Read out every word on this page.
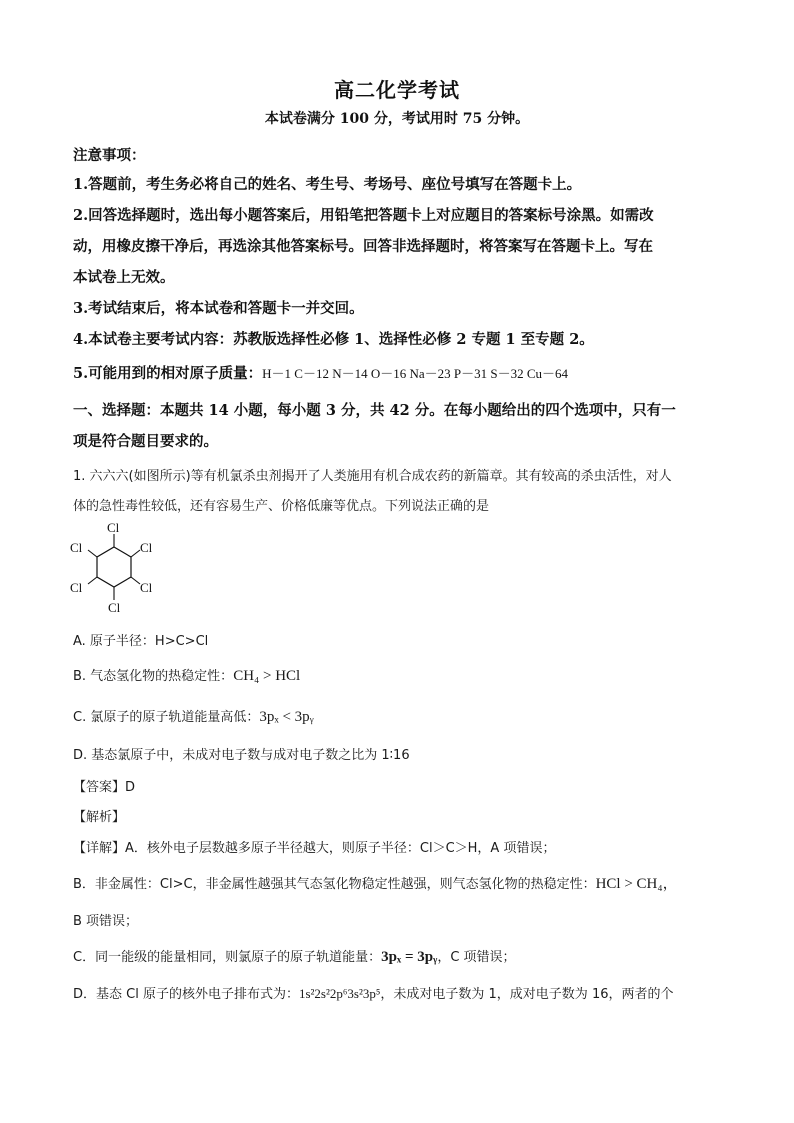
高二化学考试
本试卷满分 100 分，考试用时 75 分钟。
注意事项：
1.答题前，考生务必将自己的姓名、考生号、考场号、座位号填写在答题卡上。
2.回答选择题时，选出每小题答案后，用铅笔把答题卡上对应题目的答案标号涂黑。如需改
动，用橡皮擦干净后，再选涂其他答案标号。回答非选择题时，将答案写在答题卡上。写在
本试卷上无效。
3.考试结束后，将本试卷和答题卡一并交回。
4.本试卷主要考试内容：苏教版选择性必修 1、选择性必修 2 专题 1 至专题 2。
5.可能用到的相对原子质量：H－1 C－12 N－14 O－16 Na－23 P－31 S－32 Cu－64
一、选择题：本题共 14 小题，每小题 3 分，共 42 分。在每小题给出的四个选项中，只有一
项是符合题目要求的。
1. 六六六(如图所示)等有机氯杀虫剂揭开了人类施用有机合成农药的新篇章。其有较高的杀虫活性，对人
体的急性毒性较低，还有容易生产、价格低廉等优点。下列说法正确的是
Cl
Cl
Cl
Cl
Cl
Cl
A. 原子半径：H>C>Cl
B. 气态氢化物的热稳定性：CH₄ > HCl
C. 氯原子的原子轨道能量高低：3pₓ < 3pᵧ
D. 基态氯原子中，未成对电子数与成对电子数之比为 1∶16
【答案】D
【解析】
【详解】A．核外电子层数越多原子半径越大，则原子半径：Cl＞C＞H，A 项错误；
B．非金属性：Cl>C，非金属性越强其气态氢化物稳定性越强，则气态氢化物的热稳定性：HCl > CH₄，
B 项错误；
C．同一能级的能量相同，则氯原子的原子轨道能量：3pₓ = 3pᵧ，C 项错误；
D．基态 Cl 原子的核外电子排布式为：1s²2s²2p⁶3s²3p⁵，未成对电子数为 1，成对电子数为 16，两者的个
